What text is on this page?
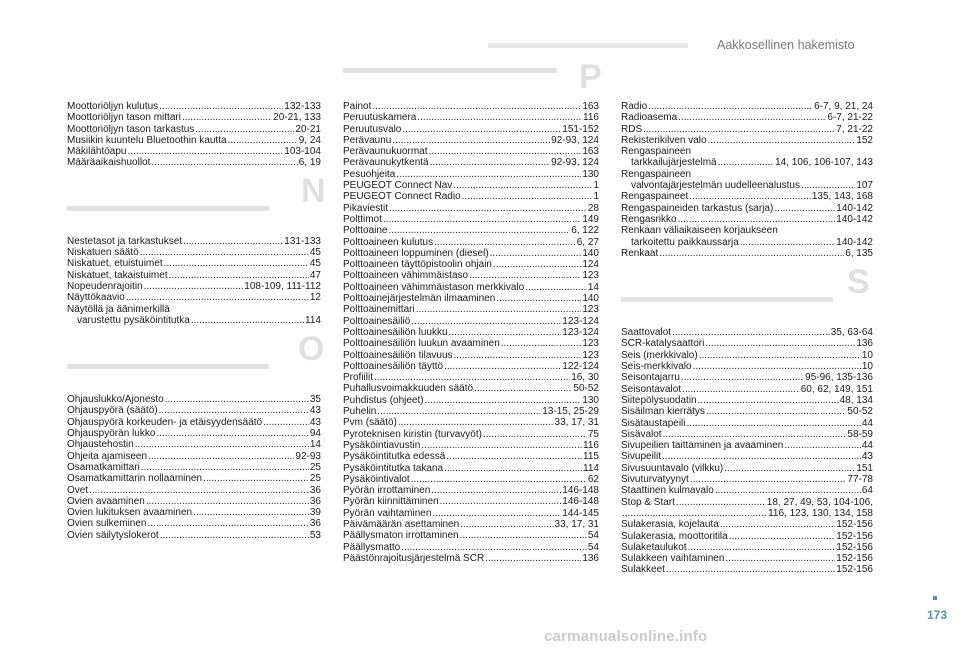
Aakkosellinen hakemisto
Moottoriöljyn kulutus .....	132-133
Moottoriöljyn tason mittari .....	20-21, 133
Moottoriöljyn tason tarkastus .....	20-21
Musiikin kuuntelu Bluetoothin kautta .....	9, 24
Mäkilähtöapu .....	103-104
Määräaikaishuollot .....	6, 19
N
Nestetasot ja tarkastukset .....	131-133
Niskatuen säätö .....	45
Niskatuet, etuistuimet .....	45
Niskatuet, takaistuimet .....	47
Nopeudenrajoitin .....	108-109, 111-112
Näyttökaavio .....	12
Näytöllä ja äänimerkillä
varustettu pysäköintitutka .....	114
O
Ohjauslukko/Ajonesto .....	35
Ohjauspyörä (säätö) .....	43
Ohjauspyörä korkeuden- ja etäisyydensäätö .....	43
Ohjauspyörän lukko .....	94
Ohjaustehostin .....	14
Ohjeita ajamiseen .....	92-93
Osamatkamittari .....	25
Osamatkamittarin nollaaminen .....	25
Ovet .....	36
Ovien avaaminen .....	36
Ovien lukituksen avaaminen .....	39
Ovien sulkeminen .....	36
Ovien säilytyslokerot .....	53
P
Painot .....	163
Peruutuskamera .....	116
Peruutusvalo .....	151-152
Perävaunu .....	92-93, 124
Perävaunukuormat .....	163
Perävaunukytkentä .....	92-93, 124
Pesuohjeita .....	130
PEUGEOT Connect Nav .....	1
PEUGEOT Connect Radio .....	1
Pikaviestit .....	28
Polttimot .....	149
Polttoaine .....	6, 122
Polttoaineen kulutus .....	6, 27
Polttoaineen loppuminen (diesel) .....	140
Polttoaineen täyttöpistoolin ohjain .....	124
Polttoaineen vähimmäistaso .....	123
Polttoaineen vähimmäistason merkkivalo .....	14
Polttoainejärjestelmän ilmaaminen .....	140
Polttoainemittari .....	123
Polttoainesäiliö .....	123-124
Polttoainesäiliön luukku .....	123-124
Polttoainesäiliön luukun avaaminen .....	123
Polttoainesäiliön tilavuus .....	123
Polttoainesäiliön täyttö .....	122-124
Profiilit .....	16, 30
Puhallusvoimakkuuden säätö .....	50-52
Puhdistus (ohjeet) .....	130
Puhelin .....	13-15, 25-29
Pvm (säätö) .....	33, 17, 31
Pyroteknisen kiristin (turvavyöt) .....	75
Pysäköintiavustin .....	116
Pysäköintitutka edessä .....	115
Pysäköintitutka takana .....	114
Pysäköintivalot .....	62
Pyörän irrottaminen .....	146-148
Pyörän kiinnittäminen .....	146-148
Pyörän vaihtaminen .....	144-145
Päivämäärän asettaminen .....	33, 17, 31
Päällysmaton irrottaminen .....	54
Päällysmatto .....	54
Päästönrajoitusjärjestelmä SCR .....	136
Radio .....	6-7, 9, 21, 24
Radioasema .....	6-7, 21-22
RDS .....	7, 21-22
Rekisterikilven valo .....	152
Rengaspaineen
tarkkailujärjestelmä .....	14, 106, 106-107, 143
Rengaspaineen
valvontajärjestelmän uudelleenalustus .....	107
Rengaspaineet .....	135, 143, 168
Rengaspaineiden tarkastus (sarja) .....	140-142
Rengasrikko .....	140-142
Renkaan väliaikaiseen korjaukseen
tarkoitettu paikkaussarja .....	140-142
Renkaat .....	6, 135
S
Saattovalot .....	35, 63-64
SCR-katalysaattori .....	136
Seis (merkkivalo) .....	10
Seis-merkkivalo .....	10
Seisontajarru .....	95-96, 135-136
Seisontavalot .....	60, 62, 149, 151
Siitepölysuodatin .....	48, 134
Sisäilman kierrätys .....	50-52
Sisätaustapeili .....	44
Sisävalot .....	58-59
Sivupeilien taittaminen ja avaaminen .....	44
Sivupeilit .....	43
Sivusuuntavalo (vilkku) .....	151
Sivuturvatyynyt .....	77-78
Staattinen kulmavalo .....	64
Stop & Start .....	18, 27, 49, 53, 104-106,
.....
116, 123, 130, 134, 158
Sulakerasia, kojelauta .....	152-156
Sulakerasia, moottoritila .....	152-156
Sulaketaulukot .....	152-156
Sulakkeen vaihtaminen .....	152-156
Sulakkeet .....	152-156
173
carmanualsonline.info
